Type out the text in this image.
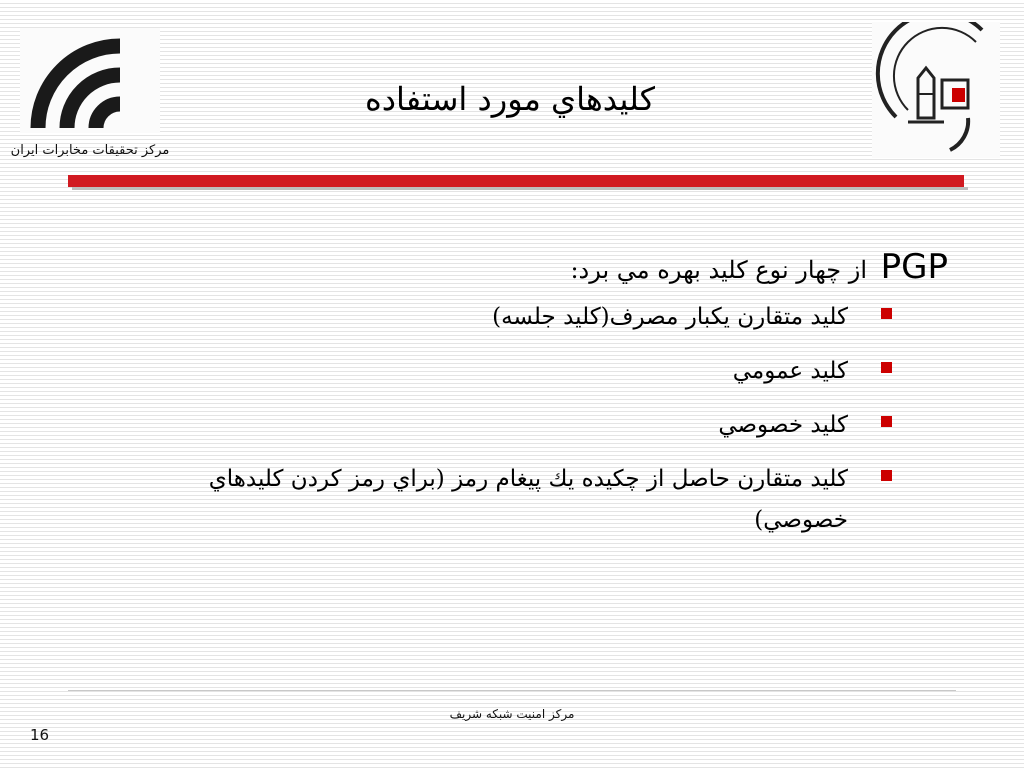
مركز تحقيقات مخابرات ايران
كليدهاي مورد استفاده

PGP از چهار نوع كليد بهره مي برد:

كليد متقارن يكبار مصرف(كليد جلسه)
كليد عمومي
كليد خصوصي
كليد متقارن حاصل از چكيده يك پيغام رمز (براي رمز كردن كليدهاي خصوصي)
مركز امنيت شبكه شريف
16
